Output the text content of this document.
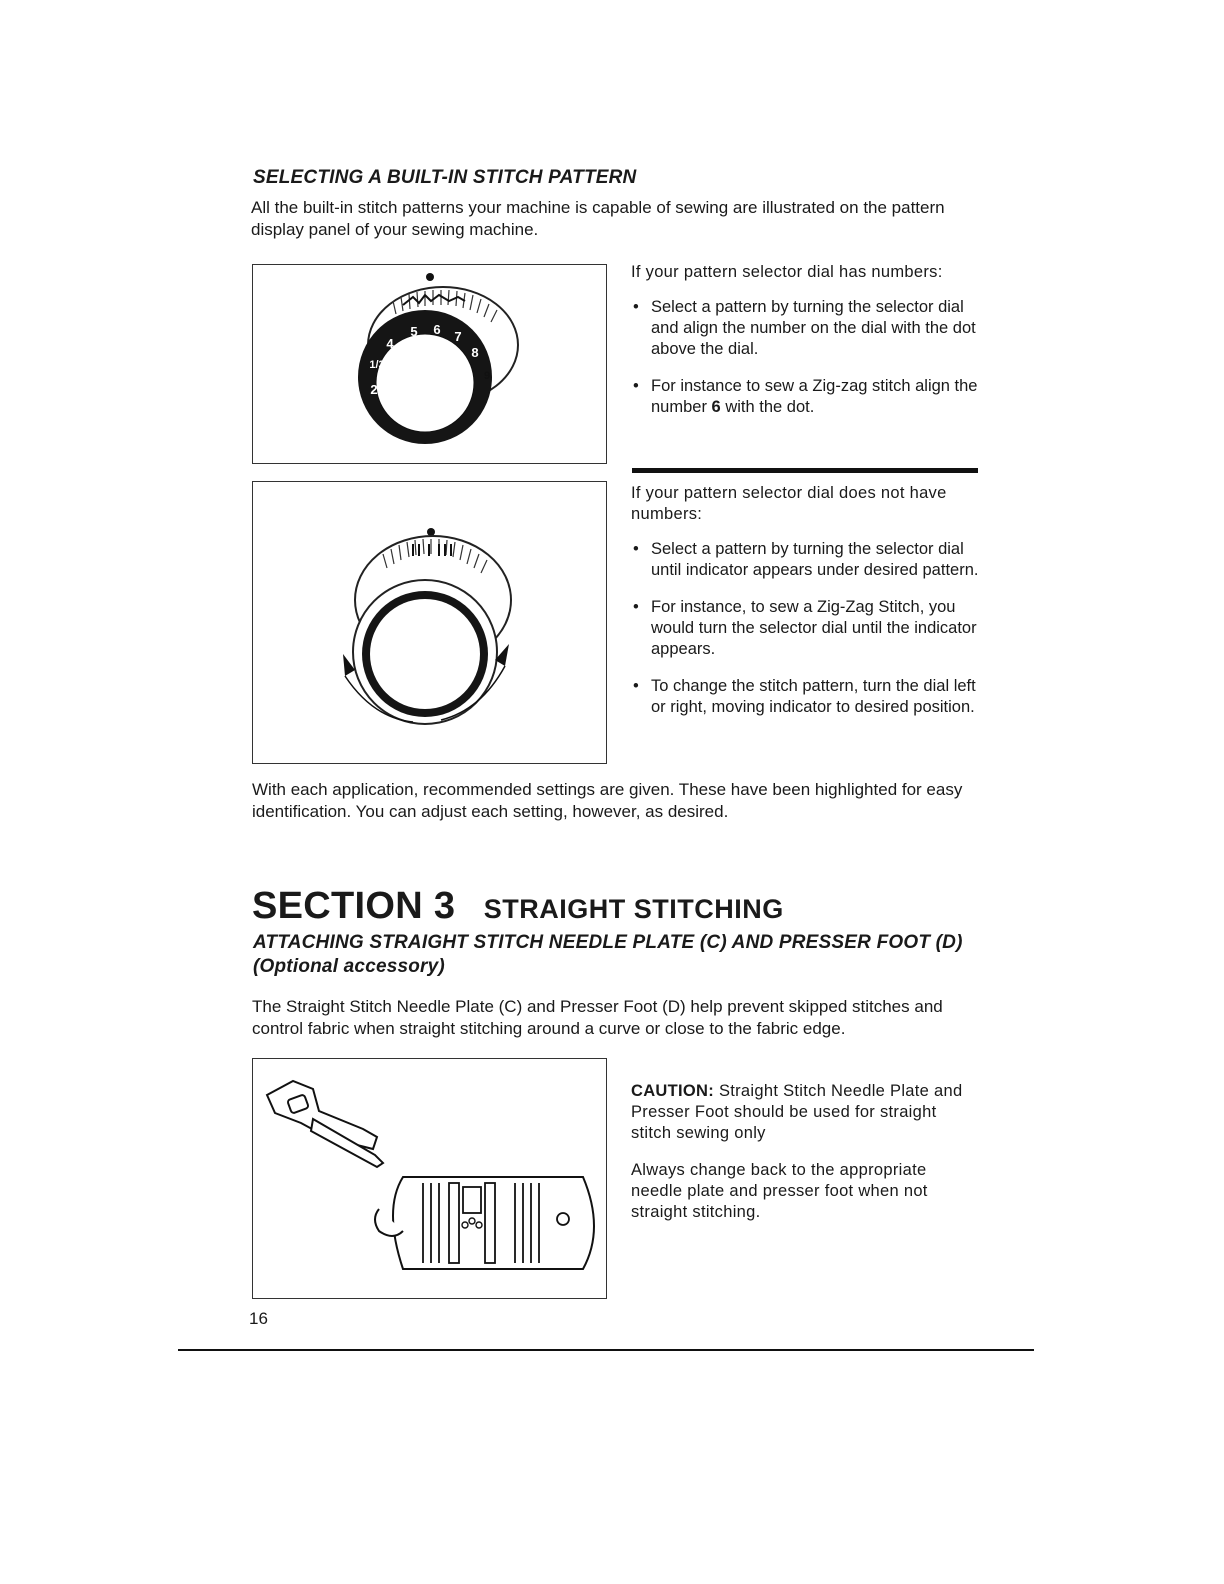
SELECTING A BUILT-IN STITCH PATTERN
All the built-in stitch patterns your machine is capable of sewing are illustrated on the pattern display panel of your sewing machine.
2
1/3
4
5 6 7
8
9

If your pattern selector dial has numbers:

• Select a pattern by turning the selector dial and align the number on the dial with the dot above the dial.
• For instance to sew a Zig-zag stitch align the number 6 with the dot.

If your pattern selector dial does not have numbers:

• Select a pattern by turning the selector dial until indicator appears under desired pattern.
• For instance, to sew a Zig-Zag Stitch, you would turn the selector dial until the indicator appears.
• To change the stitch pattern, turn the dial left or right, moving indicator to desired position.
With each application, recommended settings are given. These have been highlighted for easy identification. You can adjust each setting, however, as desired.
SECTION 3 STRAIGHT STITCHING
ATTACHING STRAIGHT STITCH NEEDLE PLATE (C) AND PRESSER FOOT (D)
(Optional accessory)
The Straight Stitch Needle Plate (C) and Presser Foot (D) help prevent skipped stitches and control fabric when straight stitching around a curve or close to the fabric edge.

CAUTION: Straight Stitch Needle Plate and Presser Foot should be used for straight stitch sewing only

Always change back to the appropriate needle plate and presser foot when not straight stitching.

16
